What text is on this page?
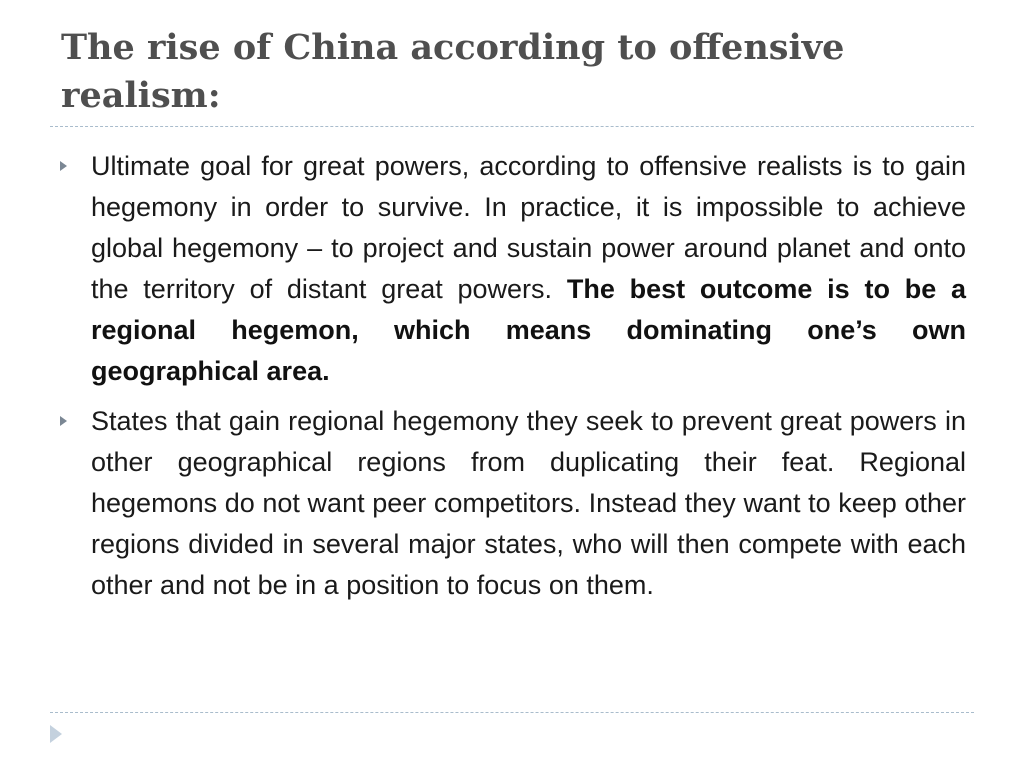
The rise of China according to offensive realism:

Ultimate goal for great powers, according to offensive realists is to gain hegemony in order to survive. In practice, it is impossible to achieve global hegemony – to project and sustain power around planet and onto the territory of distant great powers. The best outcome is to be a regional hegemon, which means dominating one’s own geographical area.

States that gain regional hegemony they seek to prevent great powers in other geographical regions from duplicating their feat. Regional hegemons do not want peer competitors. Instead they want to keep other regions divided in several major states, who will then compete with each other and not be in a position to focus on them.
